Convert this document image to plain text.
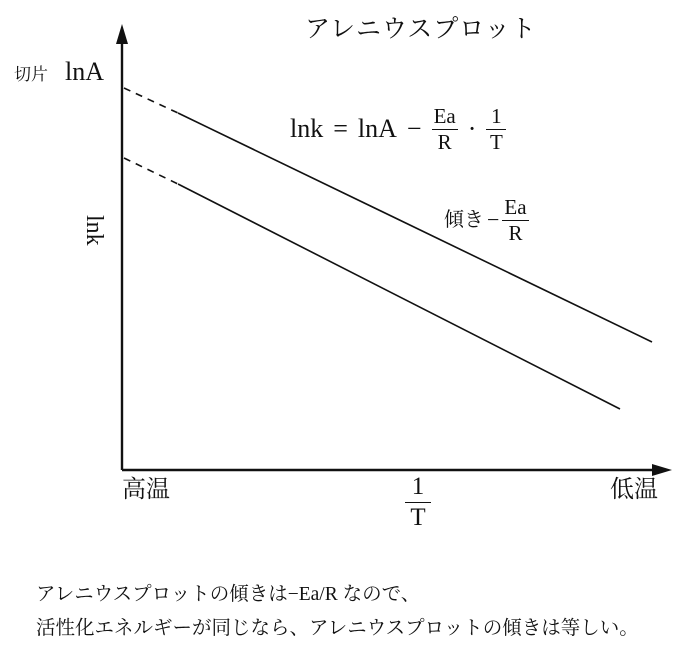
アレニウスプロット
切片 lnA
lnk
高温	低温
1
T
$\ln k = \ln A - \frac{Ea}{R} \cdot \frac{1}{T}$
傾き − $\frac{Ea}{R}$
アレニウスプロットの傾きは−Ea/R なので、
活性化エネルギーが同じなら、アレニウスプロットの傾きは等しい。
